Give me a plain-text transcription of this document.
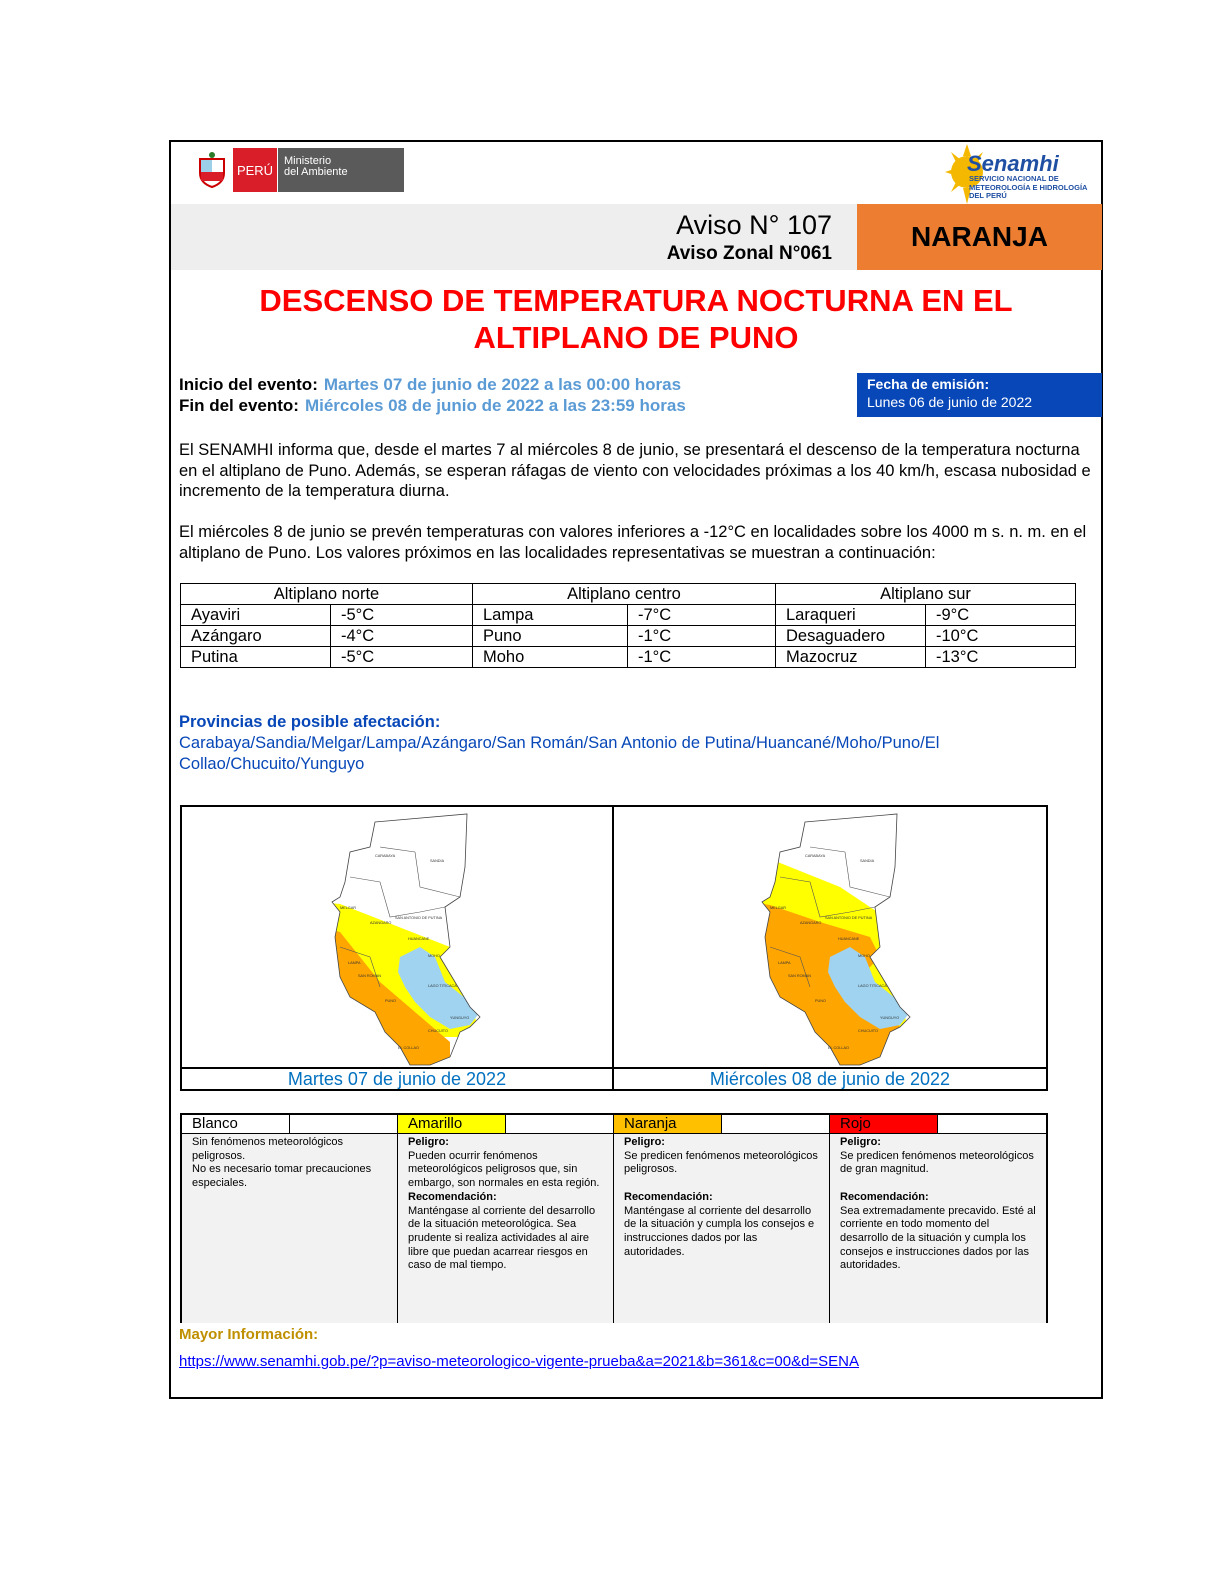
PERÚ
Ministerio
del Ambiente	Senamhi
SERVICIO NACIONAL DE METEOROLOGÍA E HIDROLOGÍA DEL PERÚ
Aviso N° 107
Aviso Zonal N°061
NARANJA
DESCENSO DE TEMPERATURA NOCTURNA EN EL
ALTIPLANO DE PUNO
Inicio del evento: Martes 07 de junio de 2022 a las 00:00 horas
Fin del evento: Miércoles 08 de junio de 2022 a las 23:59 horas
Fecha de emisión:
Lunes 06 de junio de 2022
El SENAMHI informa que, desde el martes 7 al miércoles 8 de junio, se presentará el descenso de la temperatura nocturna en el altiplano de Puno. Además, se esperan ráfagas de viento con velocidades próximas a los 40 km/h, escasa nubosidad e incremento de la temperatura diurna.
El miércoles 8 de junio se prevén temperaturas con valores inferiores a -12°C en localidades sobre los 4000 m s. n. m. en el altiplano de Puno. Los valores próximos en las localidades representativas se muestran a continuación:
Altiplano norte		Altiplano centro		Altiplano sur	
Ayaviri	-5°C	Lampa	-7°C	Laraqueri	-9°C
Azángaro	-4°C	Puno	-1°C	Desaguadero	-10°C
Putina	-5°C	Moho	-1°C	Mazocruz	-13°C
Provincias de posible afectación:
Carabaya/Sandia/Melgar/Lampa/Azángaro/San Román/San Antonio de Putina/Huancané/Moho/Puno/El Collao/Chucuito/Yunguyo
CARABAYA
SANDIA
MELGAR
AZANGARO
SAN ANTONIO DE PUTINA
HUANCANE
MOHO
LAMPA
SAN ROMAN
LAGO TITICACA
PUNO
YUNGUYO
CHUCUITO
EL COLLAO
CARABAYA
SANDIA
MELGAR
AZANGARO
SAN ANTONIO DE PUTINA
HUANCANE
MOHO
LAMPA
SAN ROMAN
LAGO TITICACA
PUNO
YUNGUYO
CHUCUITO
EL COLLAO
Martes 07 de junio de 2022	Miércoles 08 de junio de 2022
Blanco	Amarillo	Naranja	Rojo
Sin fenómenos meteorológicos peligrosos.
No es necesario tomar precauciones especiales.
Peligro:
Pueden ocurrir fenómenos meteorológicos peligrosos que, sin embargo, son normales en esta región.
Recomendación:
Manténgase al corriente del desarrollo de la situación meteorológica. Sea prudente si realiza actividades al aire libre que puedan acarrear riesgos en caso de mal tiempo.
Peligro:
Se predicen fenómenos meteorológicos peligrosos.

Recomendación:
Manténgase al corriente del desarrollo de la situación y cumpla los consejos e instrucciones dados por las autoridades.
Peligro:
Se predicen fenómenos meteorológicos de gran magnitud.

Recomendación:
Sea extremadamente precavido. Esté al corriente en todo momento del desarrollo de la situación y cumpla los consejos e instrucciones dados por las autoridades.
Mayor Información:
https://www.senamhi.gob.pe/?p=aviso-meteorologico-vigente-prueba&a=2021&b=361&c=00&d=SENA
